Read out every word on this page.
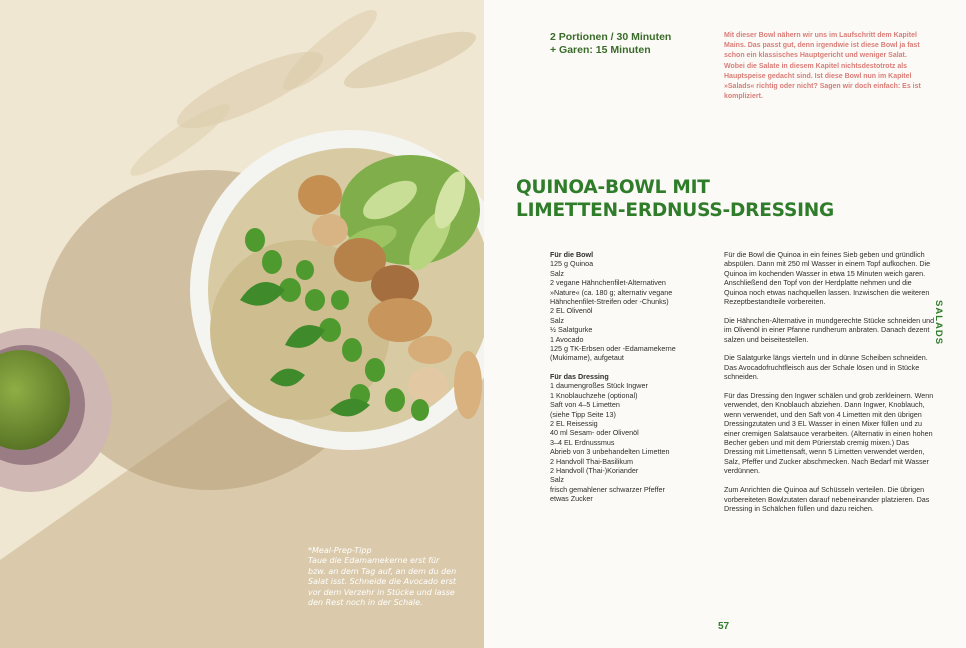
*Meal-Prep-Tipp
Taue die Edamamekerne erst für bzw. an dem Tag auf, an dem du den Salat isst. Schneide die Avocado erst vor dem Verzehr in Stücke und lasse den Rest noch in der Schale.
2 Portionen / 30 Minuten
+ Garen: 15 Minuten
Mit dieser Bowl nähern wir uns im Laufschritt dem Kapitel Mains. Das passt gut, denn irgendwie ist diese Bowl ja fast schon ein klassisches Hauptgericht und weniger Salat. Wobei die Salate in diesem Kapitel nichtsdestotrotz als Hauptspeise gedacht sind. Ist diese Bowl nun im Kapitel »Salads« richtig oder nicht? Sagen wir doch einfach: Es ist kompliziert.
QUINOA-BOWL MIT
LIMETTEN-ERDNUSS-DRESSING
Für die Bowl
125 g Quinoa
Salz
2 vegane Hähnchenfilet-Alternativen
»Nature« (ca. 180 g; alternativ vegane
Hähnchenfilet-Streifen oder -Chunks)
2 EL Olivenöl
Salz
½ Salatgurke
1 Avocado
125 g TK-Erbsen oder -Edamamekerne
(Mukimame), aufgetaut
Für das Dressing
1 daumengroßes Stück Ingwer
1 Knoblauchzehe (optional)
Saft von 4–5 Limetten
(siehe Tipp Seite 13)
2 EL Reisessig
40 ml Sesam- oder Olivenöl
3–4 EL Erdnussmus
Abrieb von 3 unbehandelten Limetten
2 Handvoll Thai-Basilikum
2 Handvoll (Thai-)Koriander
Salz
frisch gemahlener schwarzer Pfeffer
etwas Zucker

Für die Bowl die Quinoa in ein feines Sieb geben und gründlich abspülen. Dann mit 250 ml Wasser in einem Topf aufkochen. Die Quinoa im kochenden Wasser in etwa 15 Minuten weich garen. Anschließend den Topf von der Herdplatte nehmen und die Quinoa noch etwas nachquellen lassen. Inzwischen die weiteren Rezeptbestandteile vorbereiten.

Die Hähnchen-Alternative in mundgerechte Stücke schneiden und im Olivenöl in einer Pfanne rundherum anbraten. Danach dezent salzen und beiseitestellen.

Die Salatgurke längs vierteln und in dünne Scheiben schneiden. Das Avocadofruchtfleisch aus der Schale lösen und in Stücke schneiden.

Für das Dressing den Ingwer schälen und grob zerkleinern. Wenn verwendet, den Knoblauch abziehen. Dann Ingwer, Knoblauch, wenn verwendet, und den Saft von 4 Limetten mit den übrigen Dressingzutaten und 3 EL Wasser in einen Mixer füllen und zu einer cremigen Salatsauce verarbeiten. (Alternativ in einen hohen Becher geben und mit dem Pürierstab cremig mixen.) Das Dressing mit Limettensaft, wenn 5 Limetten verwendet werden, Salz, Pfeffer und Zucker abschmecken. Nach Bedarf mit Wasser verdünnen.

Zum Anrichten die Quinoa auf Schüsseln verteilen. Die übrigen vorbereiteten Bowlzutaten darauf nebeneinander platzieren. Das Dressing in Schälchen füllen und dazu reichen.

SALADS
57
